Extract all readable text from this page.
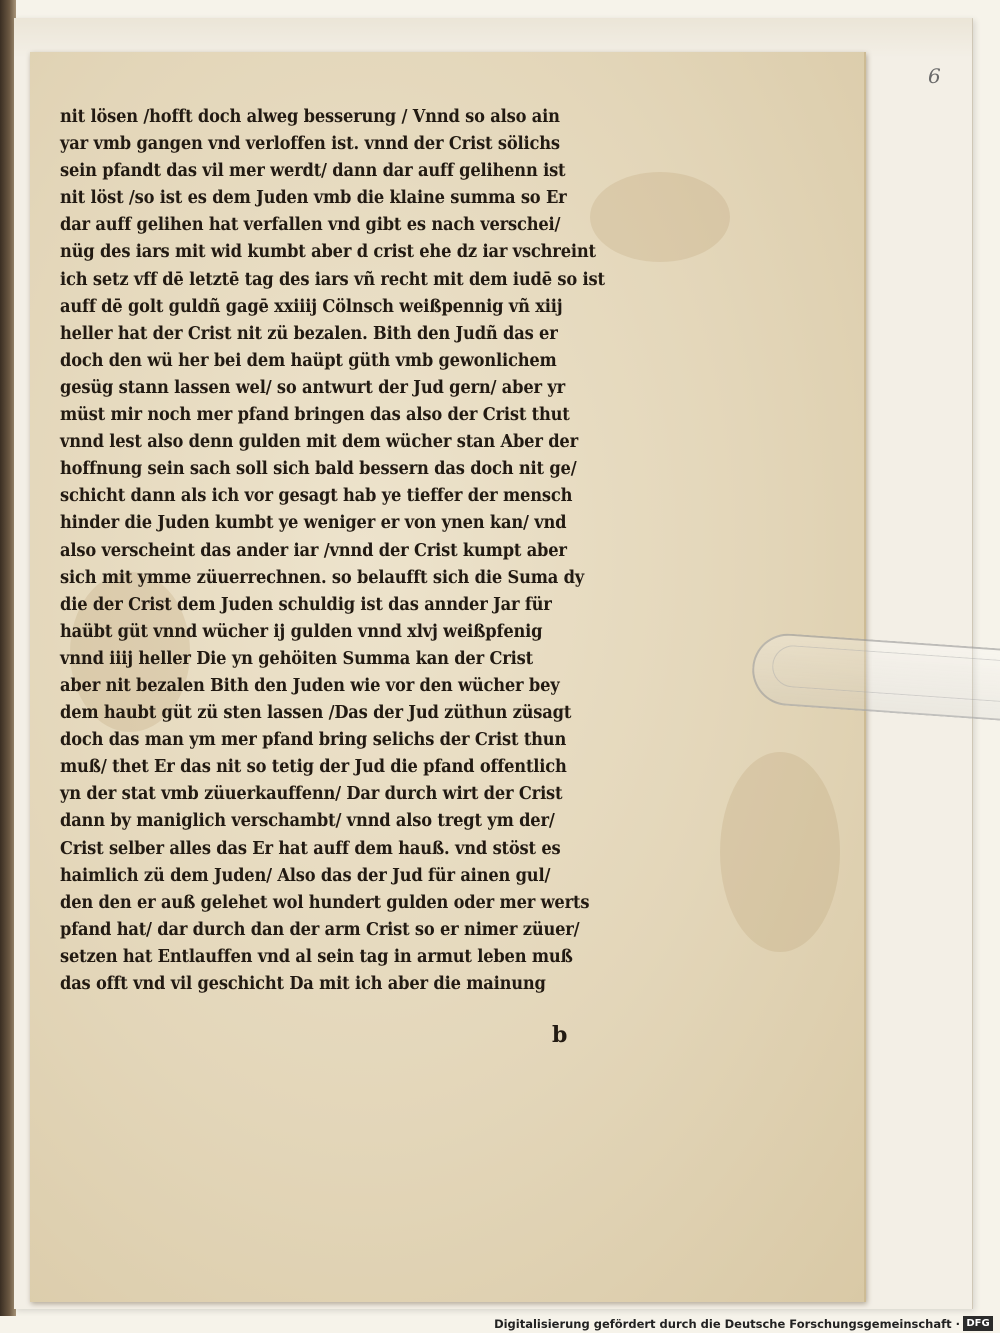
6
nit lösen /hofft doch alweg besserung / Vnnd so also ain
yar vmb gangen vnd verloffen ist. vnnd der Crist sölichs
sein pfandt das vil mer werdt/ dann dar auff gelihenn ist
nit löst /so ist es dem Juden vmb die klaine summa so Er
dar auff gelihen hat verfallen vnd gibt es nach verschei/
nüg des iars mit wid kumbt aber d crist ehe dz iar vschreint
ich setz vff dē letztē tag des iars vñ recht mit dem iudē so ist
auff dē golt guldñ gagē xxiiij Cölnsch weißpennig vñ xiij
heller hat der Crist nit zü bezalen. Bith den Judñ das er
doch den wü her bei dem haüpt güth vmb gewonlichem
gesüg stann lassen wel/ so antwurt der Jud gern/ aber yr
müst mir noch mer pfand bringen das also der Crist thut
vnnd lest also denn gulden mit dem wücher stan Aber der
hoffnung sein sach soll sich bald bessern das doch nit ge/
schicht dann als ich vor gesagt hab ye tieffer der mensch
hinder die Juden kumbt ye weniger er von ynen kan/ vnd
also verscheint das ander iar /vnnd der Crist kumpt aber
sich mit ymme züuerrechnen. so belaufft sich die Suma dy
die der Crist dem Juden schuldig ist das annder Jar für
haübt güt vnnd wücher ij gulden vnnd xlvj weißpfenig
vnnd iiij heller Die yn gehöiten Summa kan der Crist
aber nit bezalen Bith den Juden wie vor den wücher bey
dem haubt güt zü sten lassen /Das der Jud züthun züsagt
doch das man ym mer pfand bring selichs der Crist thun
muß/ thet Er das nit so tetig der Jud die pfand offentlich
yn der stat vmb züuerkauffenn/ Dar durch wirt der Crist
dann by maniglich verschambt/ vnnd also tregt ym der/
Crist selber alles das Er hat auff dem hauß. vnd stöst es
haimlich zü dem Juden/ Also das der Jud für ainen gul/
den den er auß gelehet wol hundert gulden oder mer werts
pfand hat/ dar durch dan der arm Crist so er nimer züuer/
setzen hat Entlauffen vnd al sein tag in armut leben muß
das offt vnd vil geschicht Da mit ich aber die mainung
b
Digitalisierung gefördert durch die Deutsche Forschungsgemeinschaft · DFG
